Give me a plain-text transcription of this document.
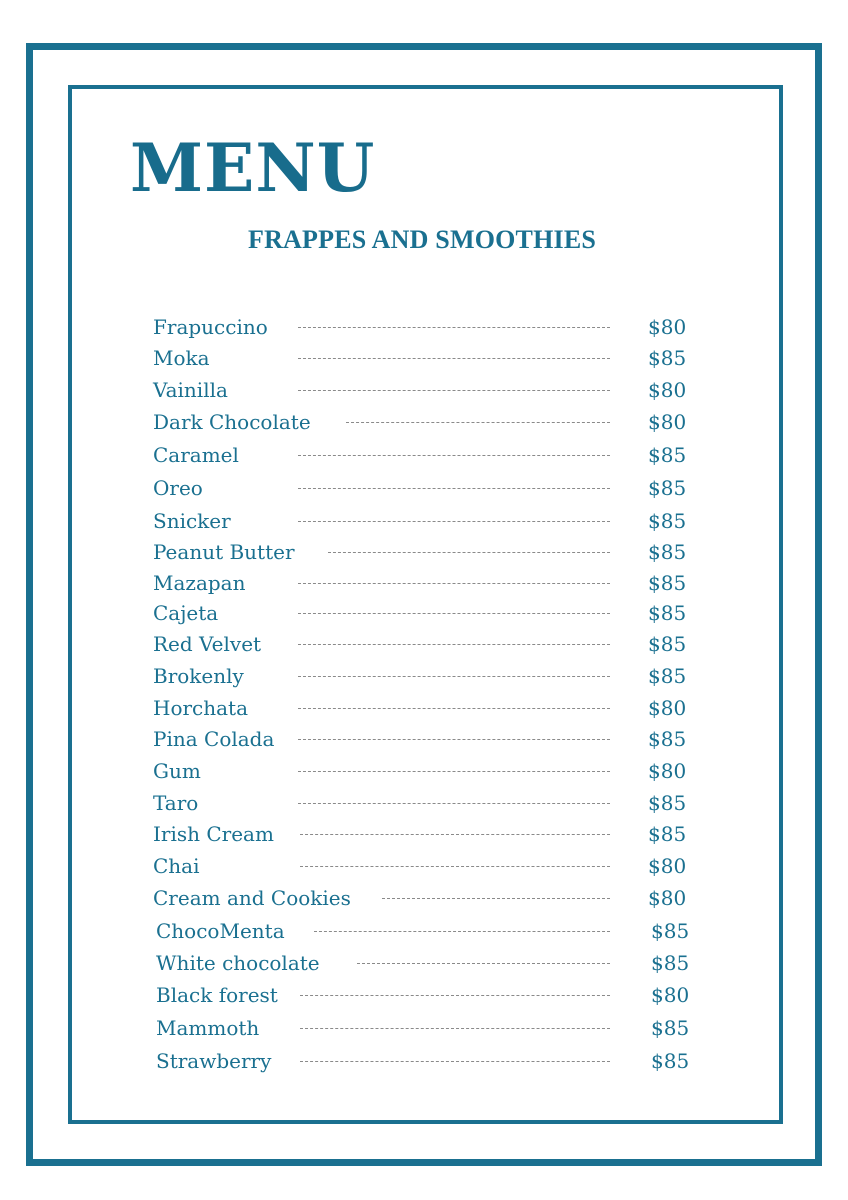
MENU
FRAPPES AND SMOOTHIES
Frapuccino	$80
Moka	$85
Vainilla	$80
Dark Chocolate	$80
Caramel	$85
Oreo	$85
Snicker	$85
Peanut Butter	$85
Mazapan	$85
Cajeta	$85
Red Velvet	$85
Brokenly	$85
Horchata	$80
Pina Colada	$85
Gum	$80
Taro	$85
Irish Cream	$85
Chai	$80
Cream and Cookies	$80
ChocoMenta	$85
White chocolate	$85
Black forest	$80
Mammoth	$85
Strawberry	$85
